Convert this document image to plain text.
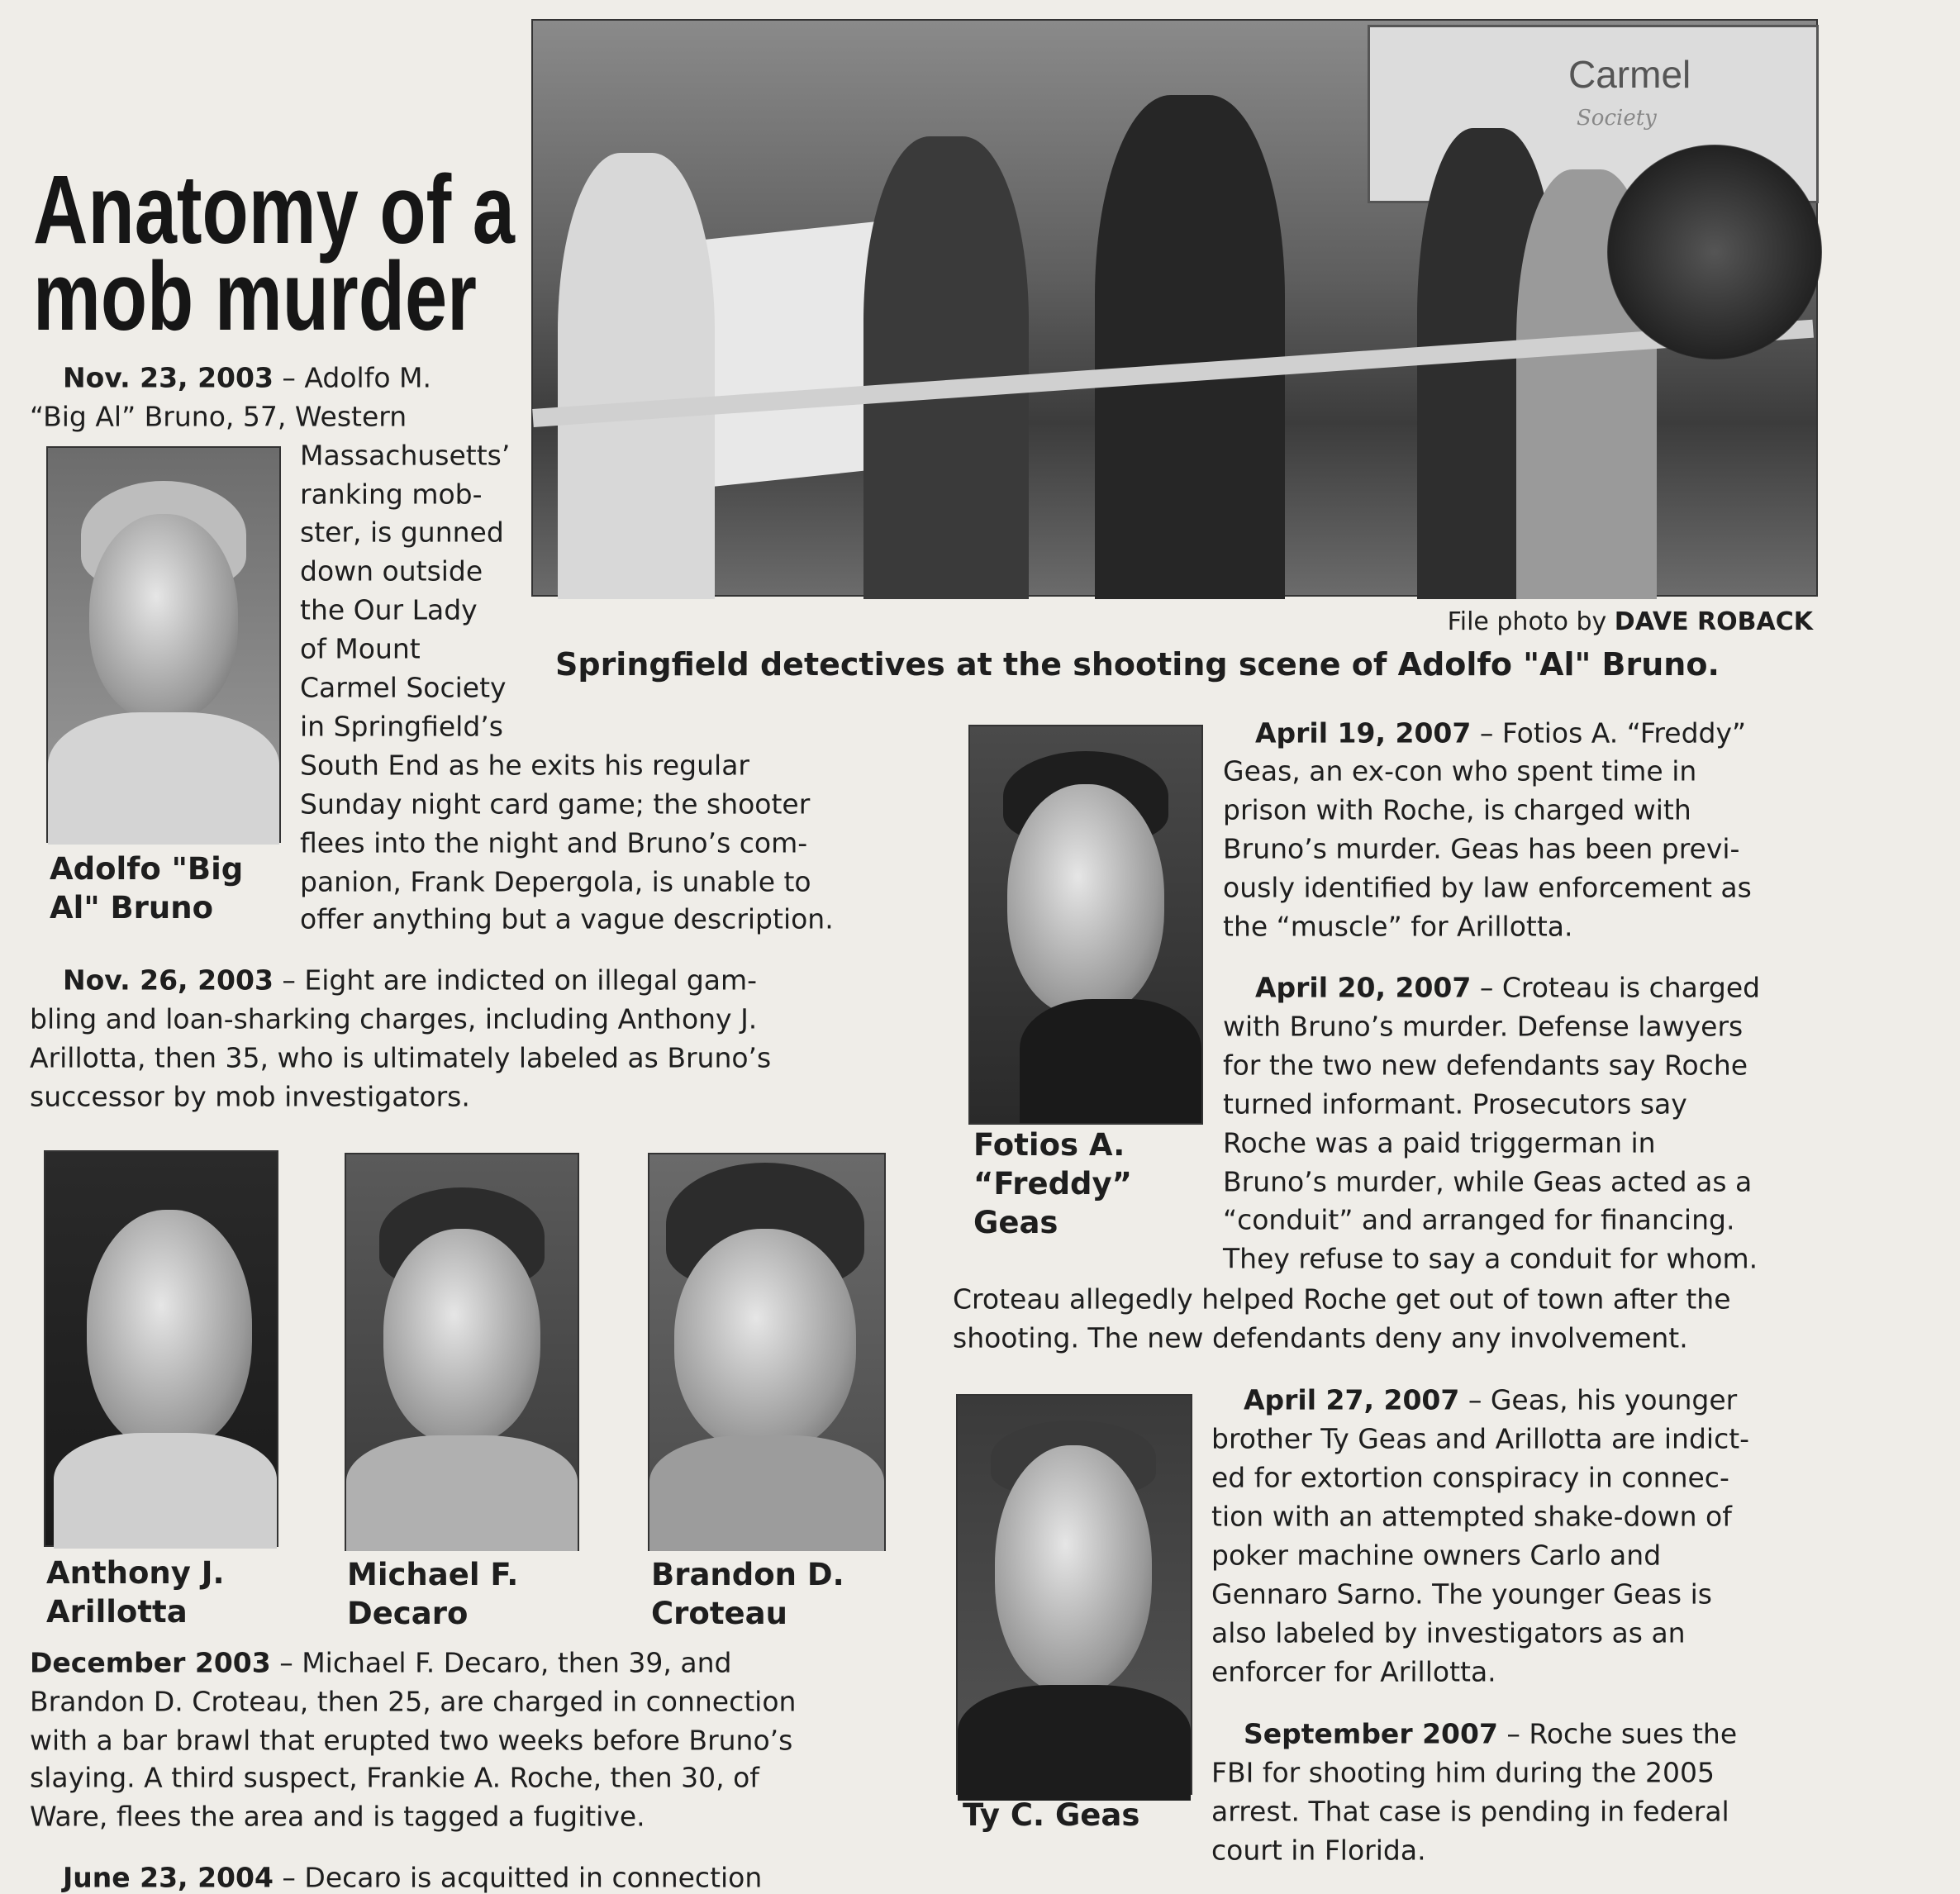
Anatomy of a
mob murder
Carmel
Society
File photo by DAVE ROBACK
Springfield detectives at the shooting scene of Adolfo "Al" Bruno.
Adolfo "Big
Al" Bruno
Anthony J.
Arillotta
Michael F.
Decaro
Brandon D.
Croteau
Fotios A.
“Freddy”
Geas
Ty C. Geas
Nov. 23, 2003 – Adolfo M.
“Big Al” Bruno, 57, Western
Massachusetts’
ranking mob-
ster, is gunned
down outside
the Our Lady
of Mount
Carmel Society
in Springfield’s
South End as he exits his regular
Sunday night card game; the shooter
flees into the night and Bruno’s com-
panion, Frank Depergola, is unable to
offer anything but a vague description.
Nov. 26, 2003 – Eight are indicted on illegal gam-
bling and loan-sharking charges, including Anthony J.
Arillotta, then 35, who is ultimately labeled as Bruno’s
successor by mob investigators.
December 2003 – Michael F. Decaro, then 39, and
Brandon D. Croteau, then 25, are charged in connection
with a bar brawl that erupted two weeks before Bruno’s
slaying. A third suspect, Frankie A. Roche, then 30, of
Ware, flees the area and is tagged a fugitive.
April 19, 2007 – Fotios A. “Freddy”
Geas, an ex-con who spent time in
prison with Roche, is charged with
Bruno’s murder. Geas has been previ-
ously identified by law enforcement as
the “muscle” for Arillotta.
April 20, 2007 – Croteau is charged
with Bruno’s murder. Defense lawyers
for the two new defendants say Roche
turned informant. Prosecutors say
Roche was a paid triggerman in
Bruno’s murder, while Geas acted as a
“conduit” and arranged for financing.
They refuse to say a conduit for whom.
Croteau allegedly helped Roche get out of town after the
shooting. The new defendants deny any involvement.
April 27, 2007 – Geas, his younger
brother Ty Geas and Arillotta are indict-
ed for extortion conspiracy in connec-
tion with an attempted shake-down of
poker machine owners Carlo and
Gennaro Sarno. The younger Geas is
also labeled by investigators as an
enforcer for Arillotta.
September 2007 – Roche sues the
FBI for shooting him during the 2005
arrest. That case is pending in federal
court in Florida.
June 23, 2004 – Decaro is acquitted in connection
